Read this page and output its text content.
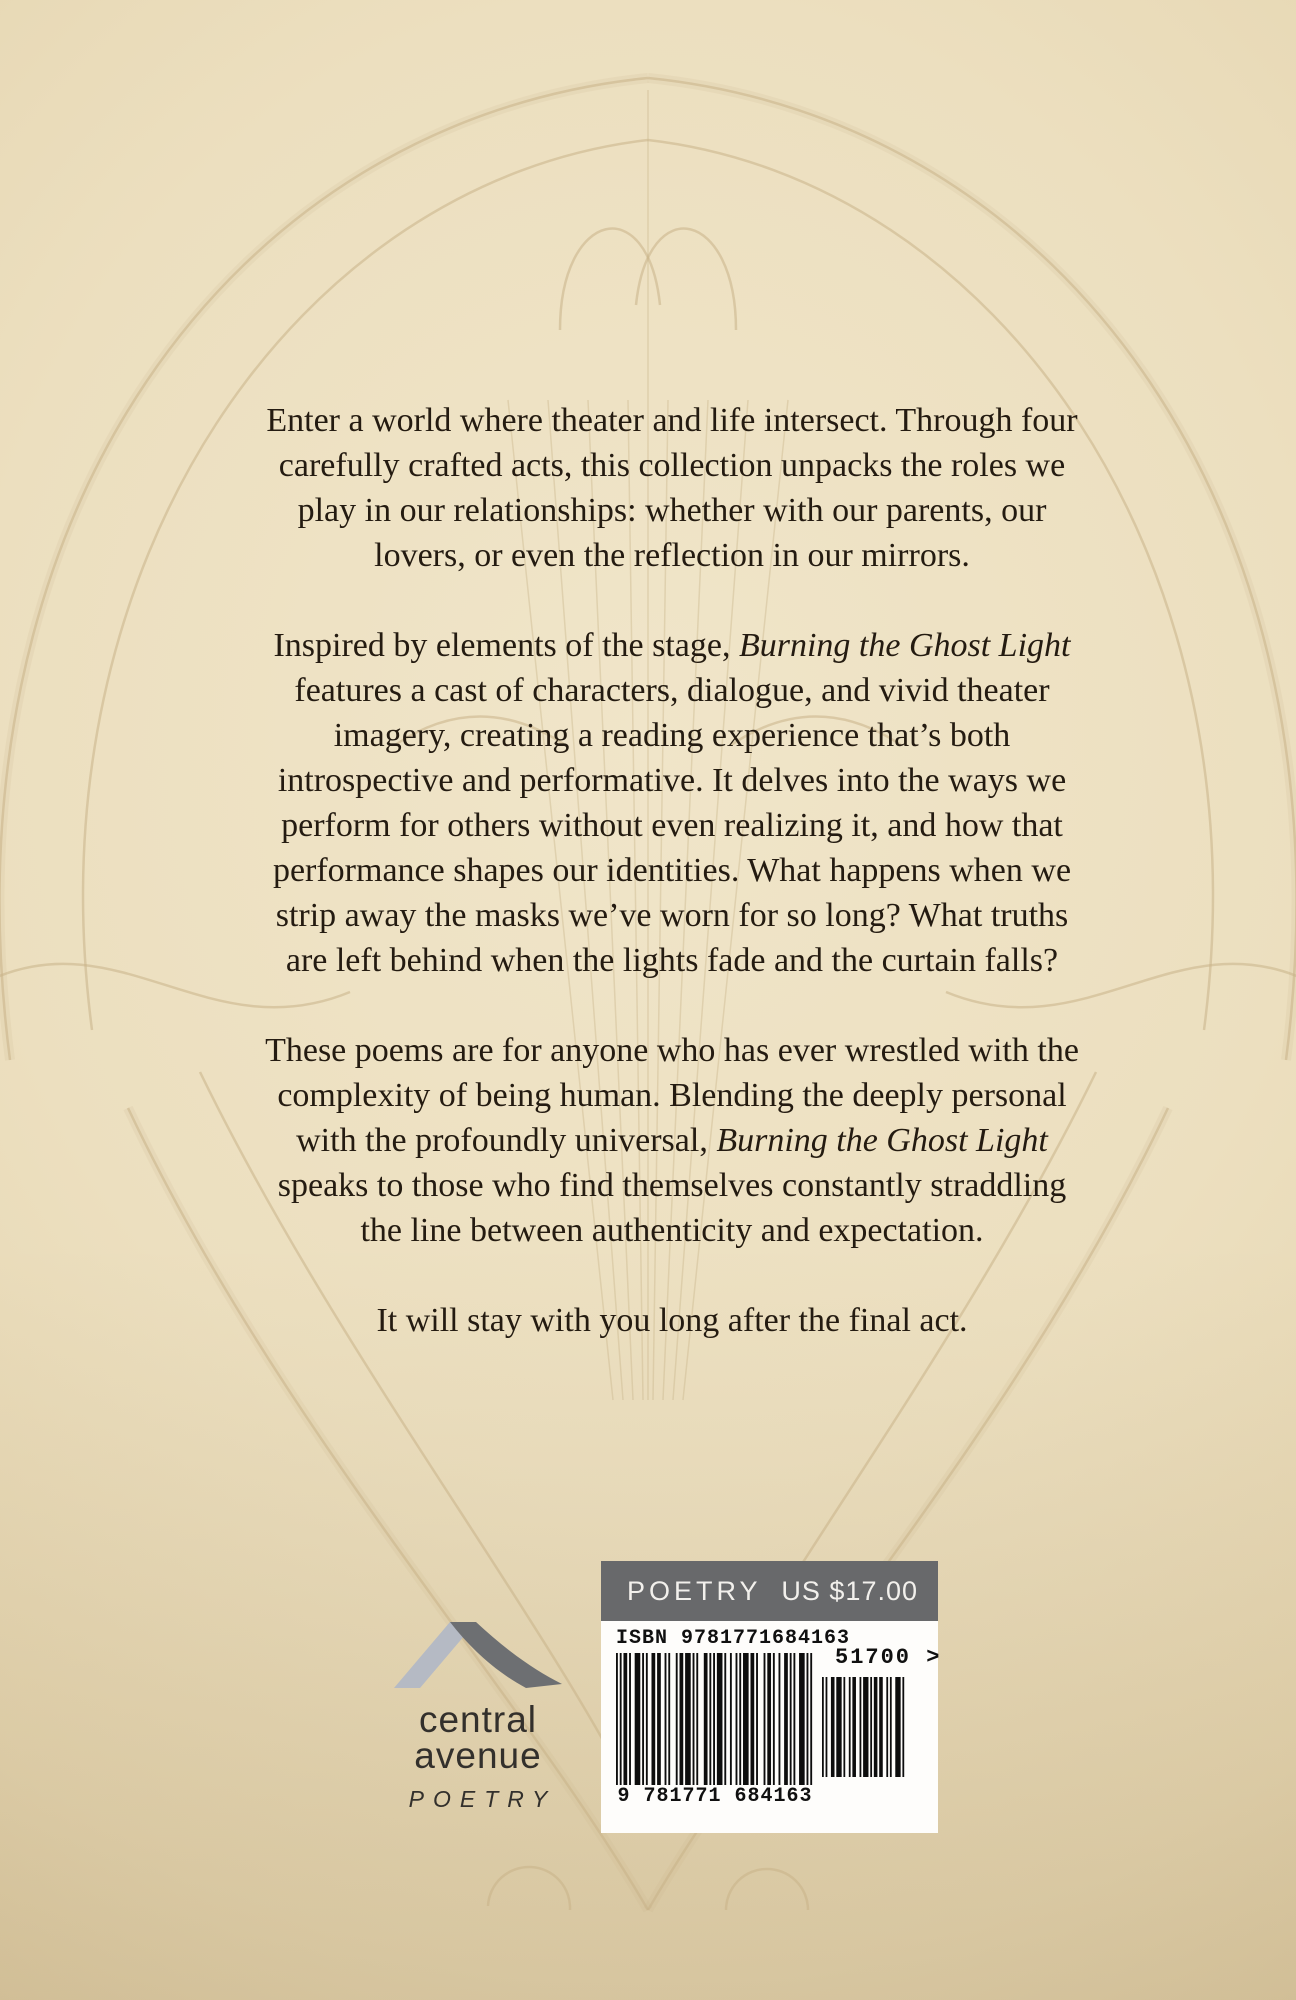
Enter a world where theater and life intersect. Through four carefully crafted acts, this collection unpacks the roles we play in our relationships: whether with our parents, our lovers, or even the reflection in our mirrors.

Inspired by elements of the stage, Burning the Ghost Light features a cast of characters, dialogue, and vivid theater imagery, creating a reading experience that’s both introspective and performative. It delves into the ways we perform for others without even realizing it, and how that performance shapes our identities. What happens when we strip away the masks we’ve worn for so long? What truths are left behind when the lights fade and the curtain falls?

These poems are for anyone who has ever wrestled with the complexity of being human. Blending the deeply personal with the profoundly universal, Burning the Ghost Light speaks to those who find themselves constantly straddling the line between authenticity and expectation.

It will stay with you long after the final act.

central
avenue
POETRY
POETRY US $17.00
ISBN 9781771684163
9 781771 684163
51700 >
